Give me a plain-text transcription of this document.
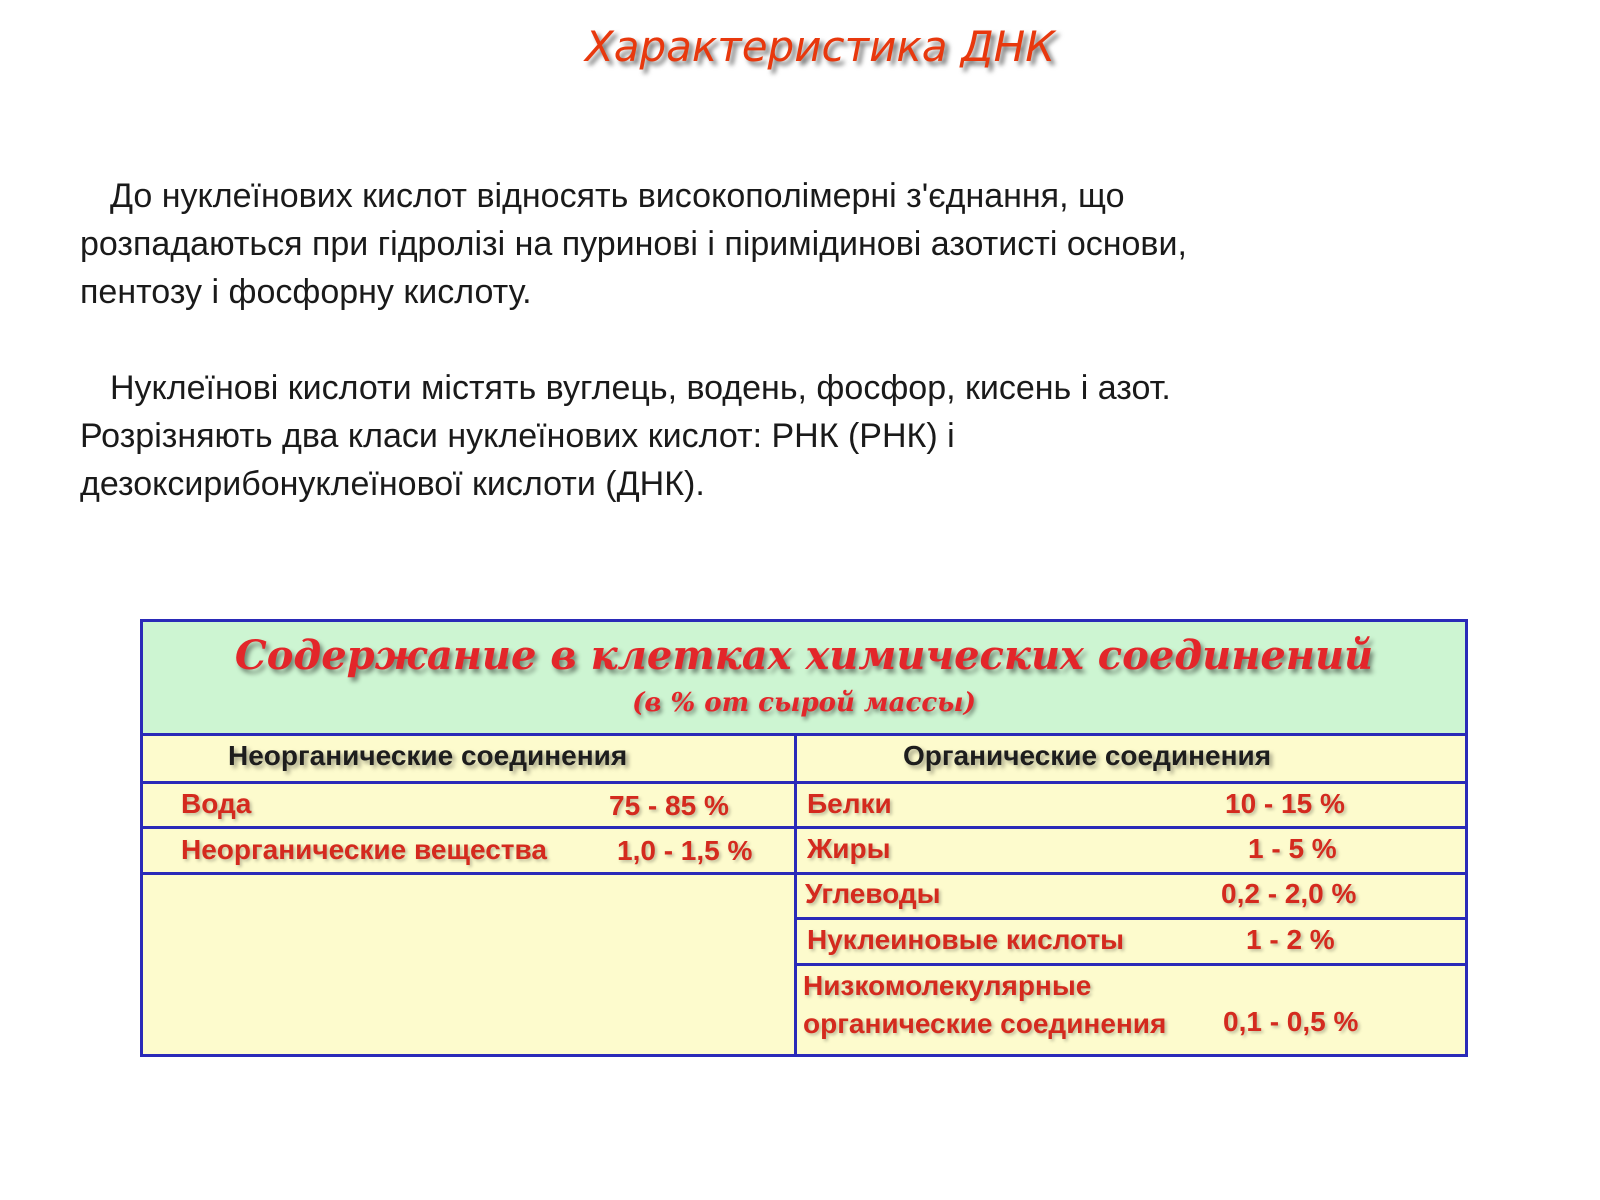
Характеристика ДНК
До нуклеїнових кислот відносять високополімерні з'єднання, що
розпадаються при гідролізі на пуринові і піримідинові азотисті основи,
пентозу і фосфорну кислоту.
Нуклеїнові кислоти містять вуглець, водень, фосфор, кисень і азот.
Розрізняють два класи нуклеїнових кислот: РНК (РНК) і
дезоксирибонуклеїнової кислоти (ДНК).
Содержание в клетках химических соединений
(в % от сырой массы)
Неорганические соединения	Органические соединения
Вода	75 - 85 %
Неорганические вещества	1,0 - 1,5 %
Белки	10 - 15 %
Жиры	1 - 5 %
Углеводы	0,2 - 2,0 %
Нуклеиновые кислоты	1 - 2 %
Низкомолекулярные
органические соединения 0,1 - 0,5 %
